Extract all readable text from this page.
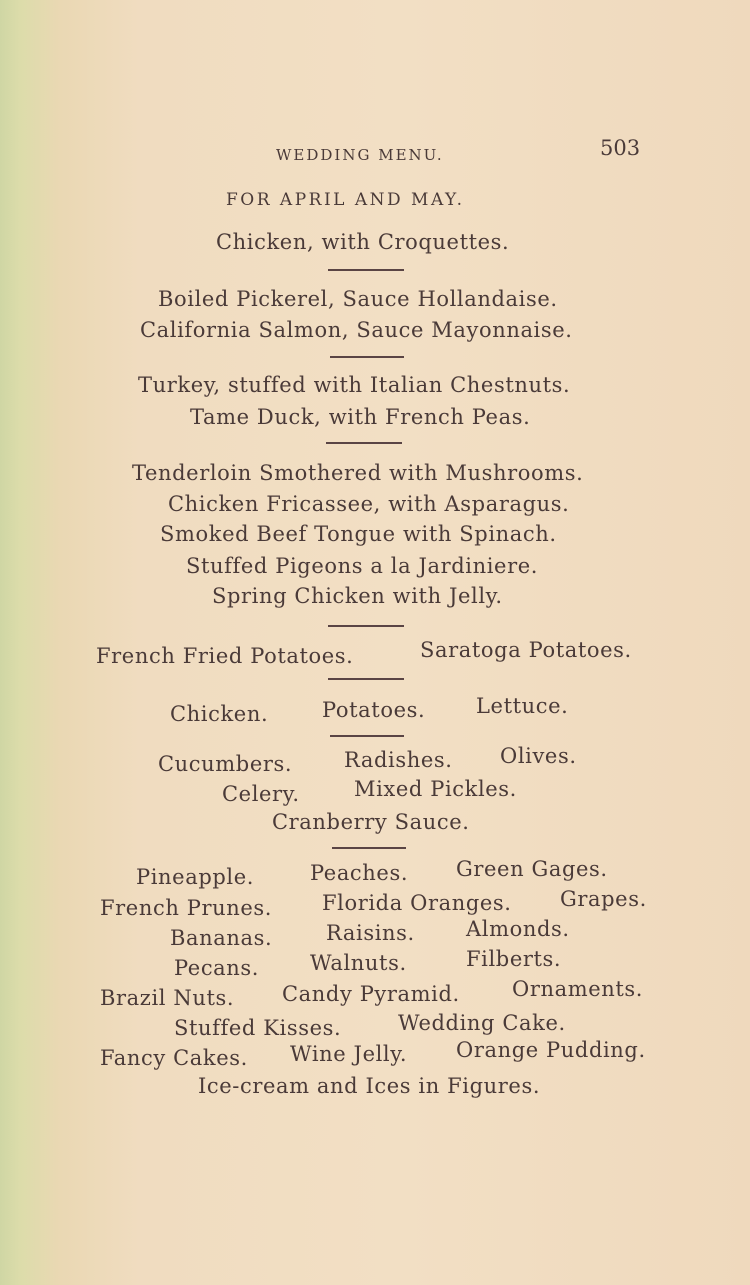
WEDDING MENU.	503
FOR APRIL AND MAY.
Chicken, with Croquettes.
Boiled Pickerel, Sauce Hollandaise.
California Salmon, Sauce Mayonnaise.
Turkey, stuffed with Italian Chestnuts.
Tame Duck, with French Peas.
Tenderloin Smothered with Mushrooms.
Chicken Fricassee, with Asparagus.
Smoked Beef Tongue with Spinach.
Stuffed Pigeons a la Jardiniere.
Spring Chicken with Jelly.
French Fried Potatoes.	Saratoga Potatoes.
Chicken.	Potatoes. Lettuce.
Cucumbers. Radishes. Olives.
Celery.	Mixed Pickles.
Cranberry Sauce.
Pineapple.	Peaches. Green Gages.
French Prunes. Florida Oranges. Grapes.
Bananas.	Raisins. Almonds.
Pecans. Walnuts.	Filberts.
Brazil Nuts. Candy Pyramid. Ornaments.
Stuffed Kisses.	Wedding Cake.
Fancy Cakes. Wine Jelly. Orange Pudding.
Ice-cream and Ices in Figures.
